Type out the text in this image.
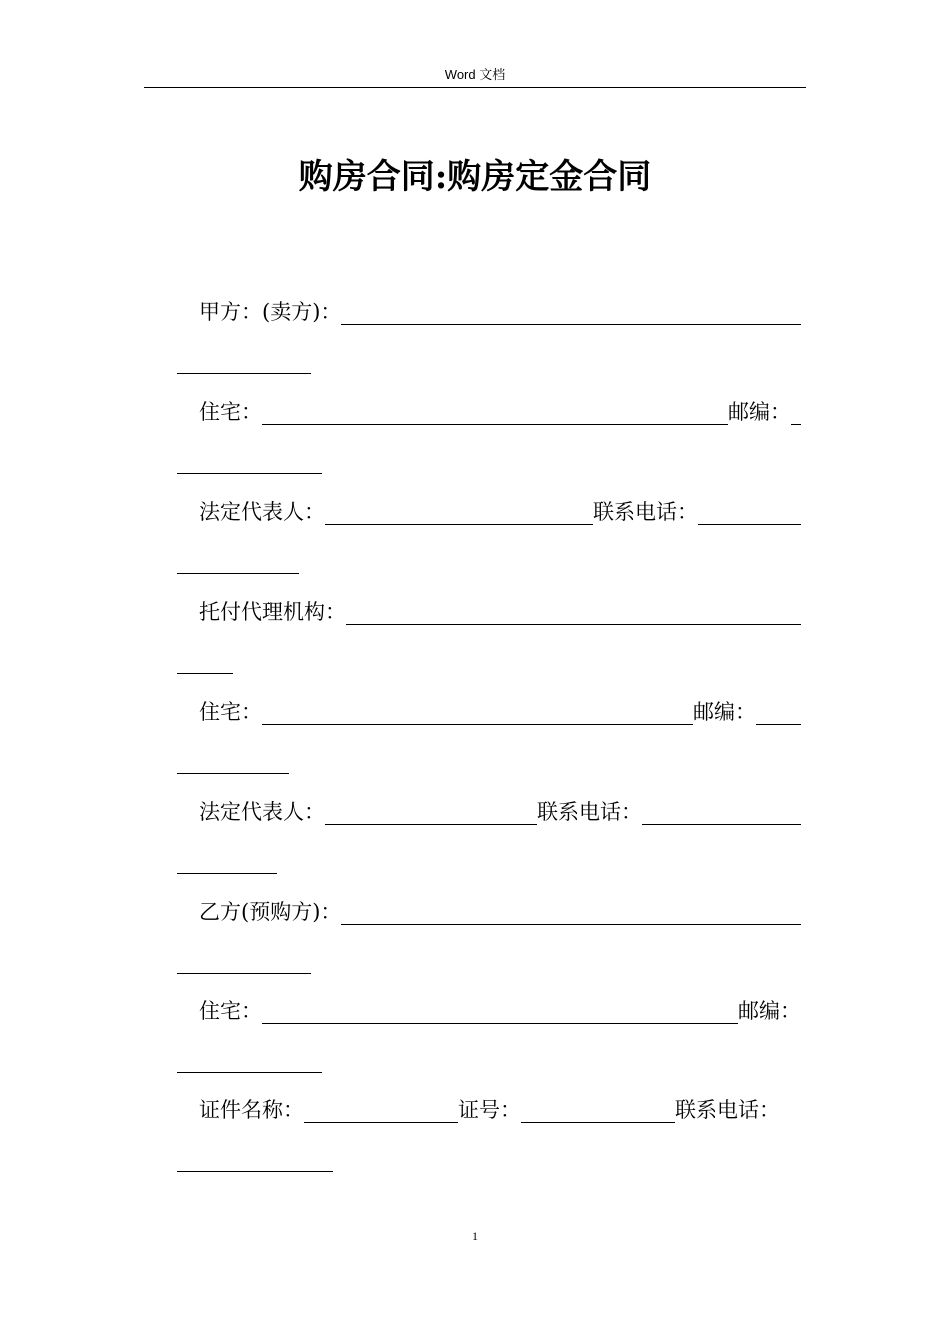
Word 文档
购房合同:购房定金合同
甲方：(卖方)：
住宅：	邮编：
法定代表人：	联系电话：
托付代理机构：
住宅：	邮编：
法定代表人：	联系电话：
乙方(预购方)：
住宅：	邮编：
证件名称：	证号：	联系电话：
1
